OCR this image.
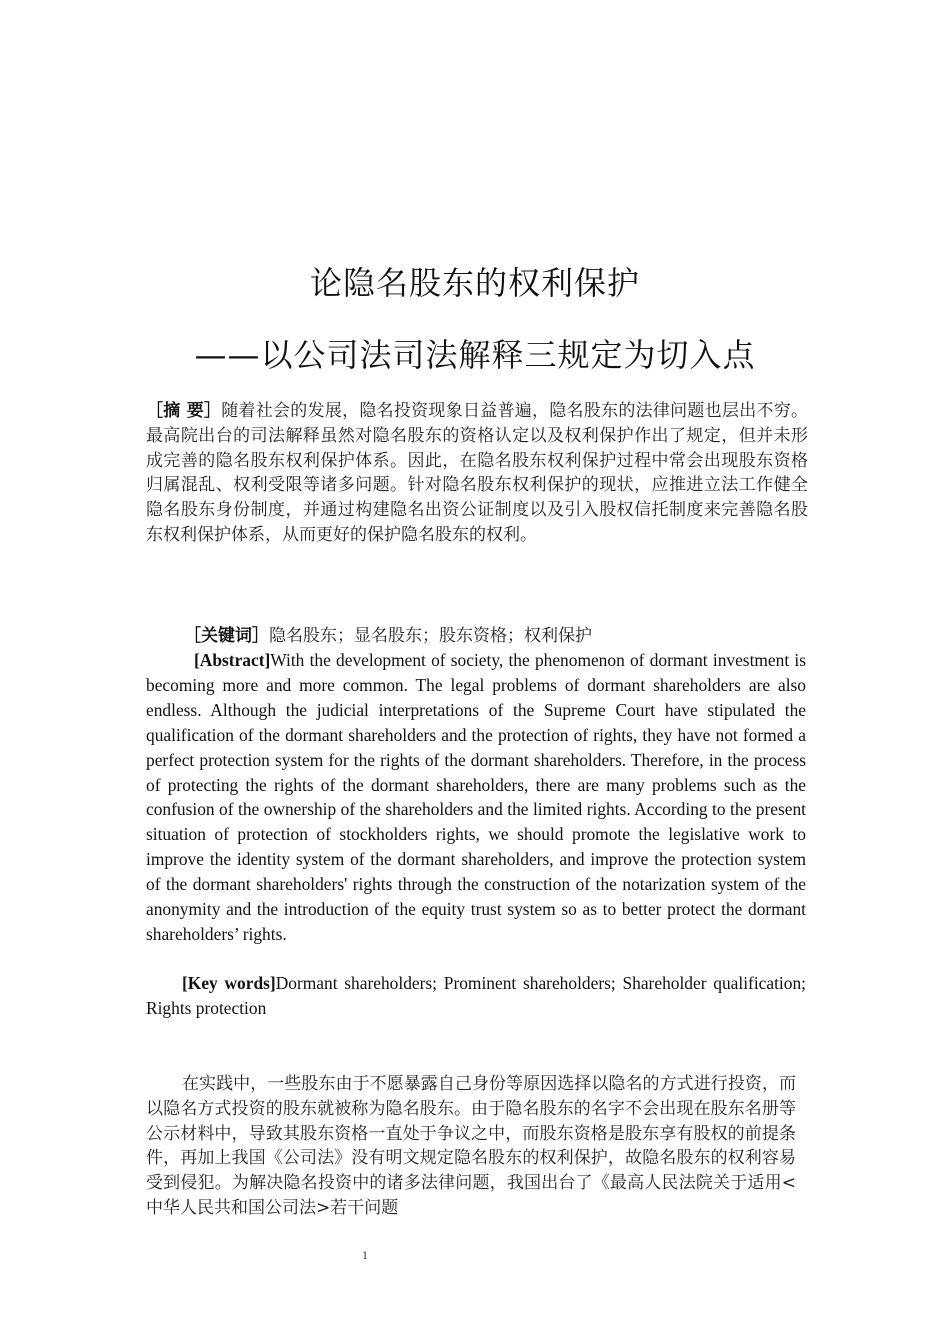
论隐名股东的权利保护
——以公司法司法解释三规定为切入点
［摘 要］随着社会的发展，隐名投资现象日益普遍，隐名股东的法律问题也层出不穷。最高院出台的司法解释虽然对隐名股东的资格认定以及权利保护作出了规定，但并未形成完善的隐名股东权利保护体系。因此，在隐名股东权利保护过程中常会出现股东资格归属混乱、权利受限等诸多问题。针对隐名股东权利保护的现状，应推进立法工作健全隐名股东身份制度，并通过构建隐名出资公证制度以及引入股权信托制度来完善隐名股东权利保护体系，从而更好的保护隐名股东的权利。
［关键词］隐名股东；显名股东；股东资格；权利保护
[Abstract]With the development of society, the phenomenon of dormant investment is becoming more and more common. The legal problems of dormant shareholders are also endless. Although the judicial interpretations of the Supreme Court have stipulated the qualification of the dormant shareholders and the protection of rights, they have not formed a perfect protection system for the rights of the dormant shareholders. Therefore, in the process of protecting the rights of the dormant shareholders, there are many problems such as the confusion of the ownership of the shareholders and the limited rights. According to the present situation of protection of stockholders rights, we should promote the legislative work to improve the identity system of the dormant shareholders, and improve the protection system of the dormant shareholders' rights through the construction of the notarization system of the anonymity and the introduction of the equity trust system so as to better protect the dormant shareholders’ rights.
[Key words]Dormant shareholders; Prominent shareholders; Shareholder qualification; Rights protection
在实践中，一些股东由于不愿暴露自己身份等原因选择以隐名的方式进行投资，而以隐名方式投资的股东就被称为隐名股东。由于隐名股东的名字不会出现在股东名册等公示材料中，导致其股东资格一直处于争议之中，而股东资格是股东享有股权的前提条件，再加上我国《公司法》没有明文规定隐名股东的权利保护，故隐名股东的权利容易受到侵犯。为解决隐名投资中的诸多法律问题，我国出台了《最高人民法院关于适用<中华人民共和国公司法>若干问题
1
